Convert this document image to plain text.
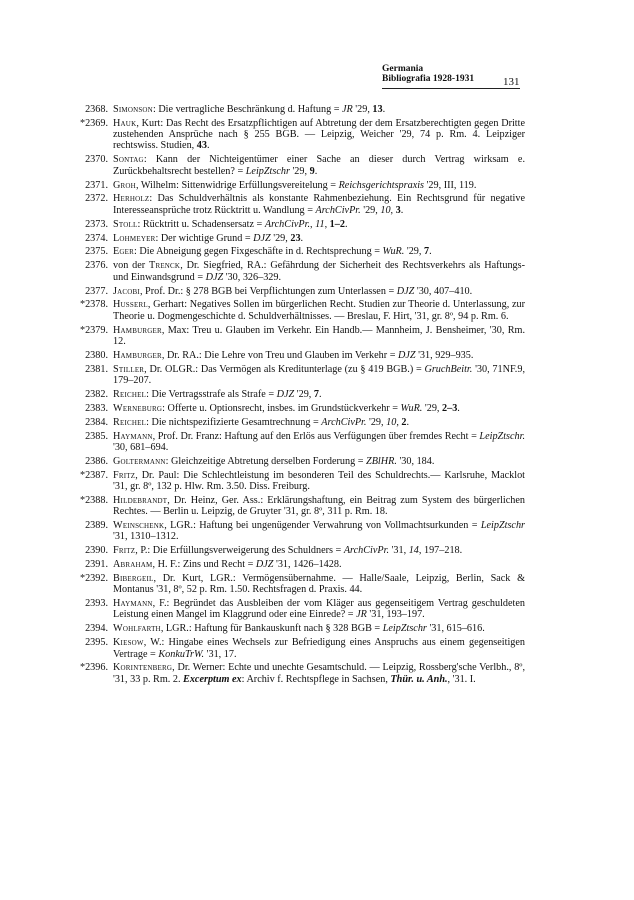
Germania
Bibliografia 1928-1931	131
2368. Simonson: Die vertragliche Beschränkung d. Haftung = JR '29, 13.
*2369. Hauk, Kurt: Das Recht des Ersatzpflichtigen auf Abtretung der dem Ersatzberechtigten gegen Dritte zustehenden Ansprüche nach § 255 BGB. — Leipzig, Weicher '29, 74 p. Rm. 4. Leipziger rechtswiss. Studien, 43.
2370. Sontag: Kann der Nichteigentümer einer Sache an dieser durch Vertrag wirksam e. Zurückbehaltsrecht bestellen? = LeipZtschr '29, 9.
2371. Groh, Wilhelm: Sittenwidrige Erfüllungsvereitelung = Reichsgerichtspraxis '29, III, 119.
2372. Herholz: Das Schuldverhältnis als konstante Rahmenbeziehung. Ein Rechtsgrund für negative Interesseansprüche trotz Rücktritt u. Wandlung = ArchCivPr. '29, 10, 3.
2373. Stoll: Rücktritt u. Schadensersatz = ArchCivPr., 11, 1–2.
2374. Lohmeyer: Der wichtige Grund = DJZ '29, 23.
2375. Eger: Die Abneigung gegen Fixgeschäfte in d. Rechtsprechung = WuR. '29, 7.
2376. von der Trenck, Dr. Siegfried, RA.: Gefährdung der Sicherheit des Rechtsverkehrs als Haftungs- und Einwandsgrund = DJZ '30, 326–329.
2377. Jacobi, Prof. Dr.: § 278 BGB bei Verpflichtungen zum Unterlassen = DJZ '30, 407–410.
*2378. Husserl, Gerhart: Negatives Sollen im bürgerlichen Recht. Studien zur Theorie d. Unterlassung, zur Theorie u. Dogmengeschichte d. Schuldverhältnisses. — Breslau, F. Hirt, '31, gr. 8º, 94 p. Rm. 6.
*2379. Hamburger, Max: Treu u. Glauben im Verkehr. Ein Handb.— Mannheim, J. Bensheimer, '30, Rm. 12.
2380. Hamburger, Dr. RA.: Die Lehre von Treu und Glauben im Verkehr = DJZ '31, 929–935.
2381. Stiller, Dr. OLGR.: Das Vermögen als Kreditunterlage (zu § 419 BGB.) = GruchBeitr. '30, 71NF.9, 179–207.
2382. Reichel: Die Vertragsstrafe als Strafe = DJZ '29, 7.
2383. Werneburg: Offerte u. Optionsrecht, insbes. im Grundstückverkehr = WuR. '29, 2–3.
2384. Reichel: Die nichtspezifizierte Gesamtrechnung = ArchCivPr. '29, 10, 2.
2385. Haymann, Prof. Dr. Franz: Haftung auf den Erlös aus Verfügungen über fremdes Recht = LeipZtschr. '30, 681–694.
2386. Goltermann: Gleichzeitige Abtretung derselben Forderung = ZBlHR. '30, 184.
*2387. Fritz, Dr. Paul: Die Schlechtleistung im besonderen Teil des Schuldrechts.— Karlsruhe, Macklot '31, gr. 8º, 132 p. Hlw. Rm. 3.50. Diss. Freiburg.
*2388. Hildebrandt, Dr. Heinz, Ger. Ass.: Erklärungshaftung, ein Beitrag zum System des bürgerlichen Rechtes. — Berlin u. Leipzig, de Gruyter '31, gr. 8º, 311 p. Rm. 18.
2389. Weinschenk, LGR.: Haftung bei ungenügender Verwahrung von Vollmachtsurkunden = LeipZtschr '31, 1310–1312.
2390. Fritz, P.: Die Erfüllungsverweigerung des Schuldners = ArchCivPr. '31, 14, 197–218.
2391. Abraham, H. F.: Zins und Recht = DJZ '31, 1426–1428.
*2392. Bibergeil, Dr. Kurt, LGR.: Vermögensübernahme. — Halle/Saale, Leipzig, Berlin, Sack & Montanus '31, 8º, 52 p. Rm. 1.50. Rechtsfragen d. Praxis. 44.
2393. Haymann, F.: Begründet das Ausbleiben der vom Kläger aus gegenseitigem Vertrag geschuldeten Leistung einen Mangel im Klaggrund oder eine Einrede? = JR '31, 193–197.
2394. Wohlfarth, LGR.: Haftung für Bankauskunft nach § 328 BGB = LeipZtschr '31, 615–616.
2395. Kiesow, W.: Hingabe eines Wechsels zur Befriedigung eines Anspruchs aus einem gegenseitigen Vertrage = KonkuTrW. '31, 17.
*2396. Korintenberg, Dr. Werner: Echte und unechte Gesamtschuld. — Leipzig, Rossberg'sche Verlbh., 8º, '31, 33 p. Rm. 2. Excerptum ex: Archiv f. Rechtspflege in Sachsen, Thür. u. Anh., '31. I.
